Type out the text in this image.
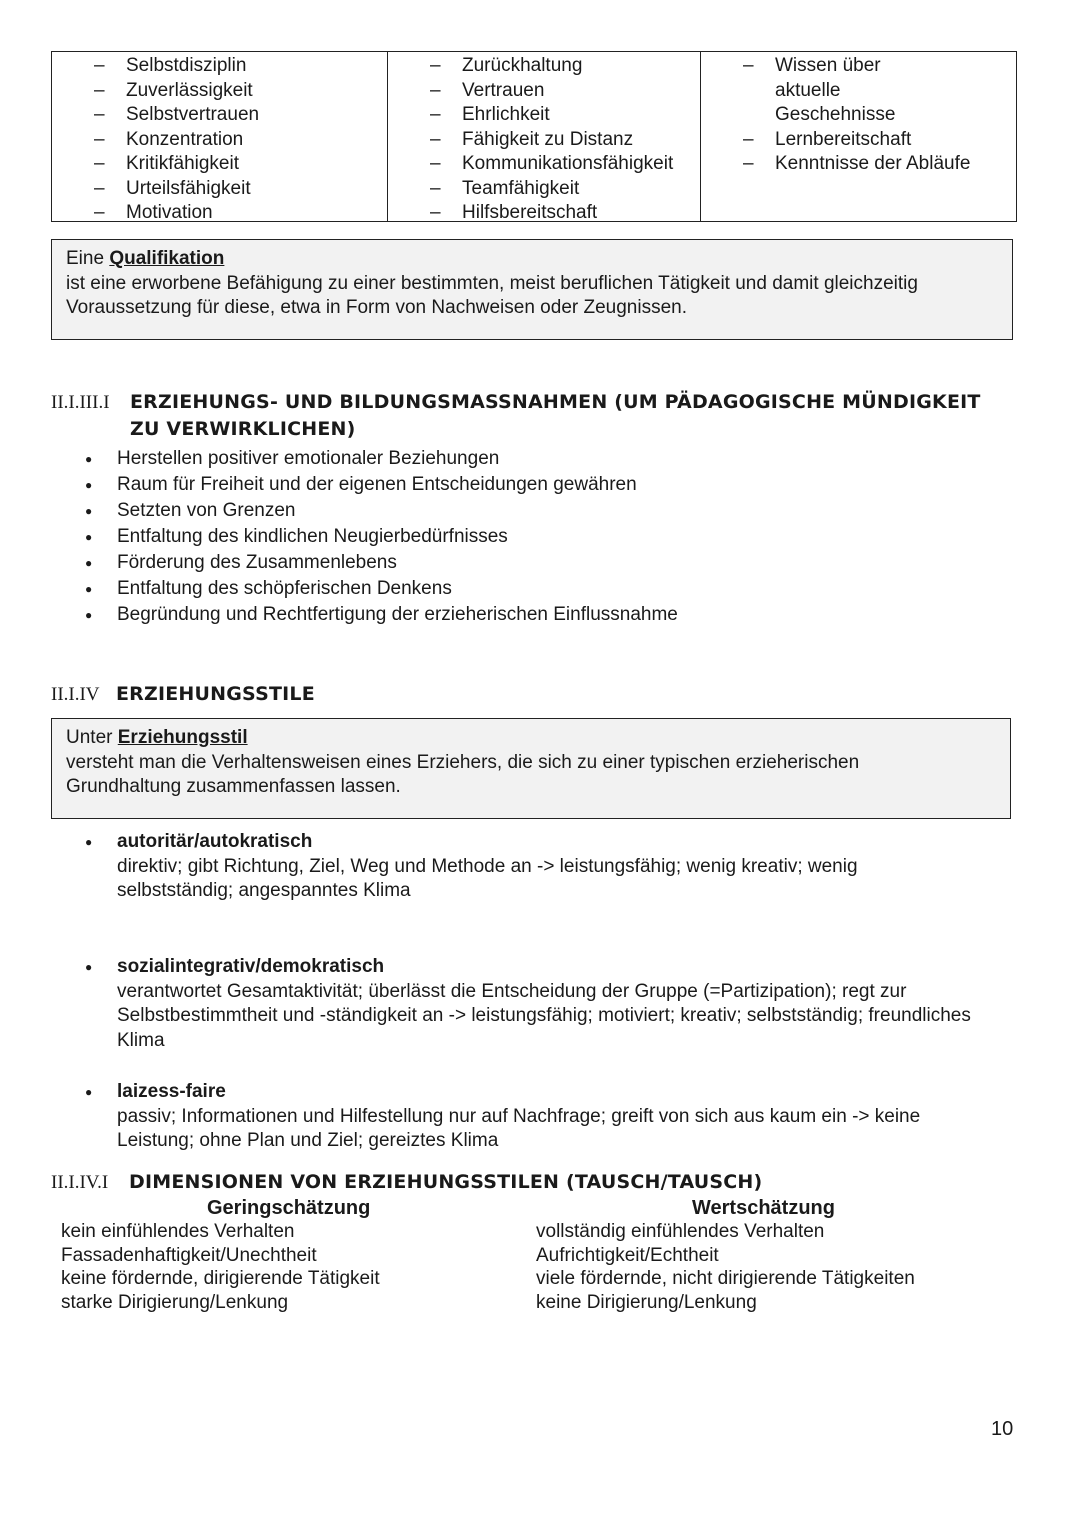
– Selbstdisziplin
– Zuverlässigkeit
– Selbstvertrauen
– Konzentration
– Kritikfähigkeit
– Urteilsfähigkeit
– Motivation
– Zurückhaltung
– Vertrauen
– Ehrlichkeit
– Fähigkeit zu Distanz
– Kommunikationsfähigkeit
– Teamfähigkeit
– Hilfsbereitschaft
– Wissen über aktuelle Geschehnisse
– Lernbereitschaft
– Kenntnisse der Abläufe
Eine Qualifikation
ist eine erworbene Befähigung zu einer bestimmten, meist beruflichen Tätigkeit und damit gleichzeitig Voraussetzung für diese, etwa in Form von Nachweisen oder Zeugnissen.
II.I.III.I	ERZIEHUNGS- UND BILDUNGSMASSNAHMEN (UM PÄDAGOGISCHE MÜNDIGKEIT ZU VERWIRKLICHEN)
● Herstellen positiver emotionaler Beziehungen
● Raum für Freiheit und der eigenen Entscheidungen gewähren
● Setzten von Grenzen
● Entfaltung des kindlichen Neugierbedürfnisses
● Förderung des Zusammenlebens
● Entfaltung des schöpferischen Denkens
● Begründung und Rechtfertigung der erzieherischen Einflussnahme
II.I.IV ERZIEHUNGSSTILE
Unter Erziehungsstil
versteht man die Verhaltensweisen eines Erziehers, die sich zu einer typischen erzieherischen Grundhaltung zusammenfassen lassen.
● autoritär/autokratisch
direktiv; gibt Richtung, Ziel, Weg und Methode an -> leistungsfähig; wenig kreativ; wenig selbstständig; angespanntes Klima
● sozialintegrativ/demokratisch
verantwortet Gesamtaktivität; überlässt die Entscheidung der Gruppe (=Partizipation); regt zur Selbstbestimmtheit und -ständigkeit an -> leistungsfähig; motiviert; kreativ; selbstständig; freundliches Klima
● laizess-faire
passiv; Informationen und Hilfestellung nur auf Nachfrage; greift von sich aus kaum ein -> keine Leistung; ohne Plan und Ziel; gereiztes Klima
II.I.IV.I DIMENSIONEN VON ERZIEHUNGSSTILEN (TAUSCH/TAUSCH)
Geringschätzung	Wertschätzung
kein einfühlendes Verhalten
Fassadenhaftigkeit/Unechtheit
keine fördernde, dirigierende Tätigkeit
starke Dirigierung/Lenkung
vollständig einfühlendes Verhalten
Aufrichtigkeit/Echtheit
viele fördernde, nicht dirigierende Tätigkeiten
keine Dirigierung/Lenkung
10
